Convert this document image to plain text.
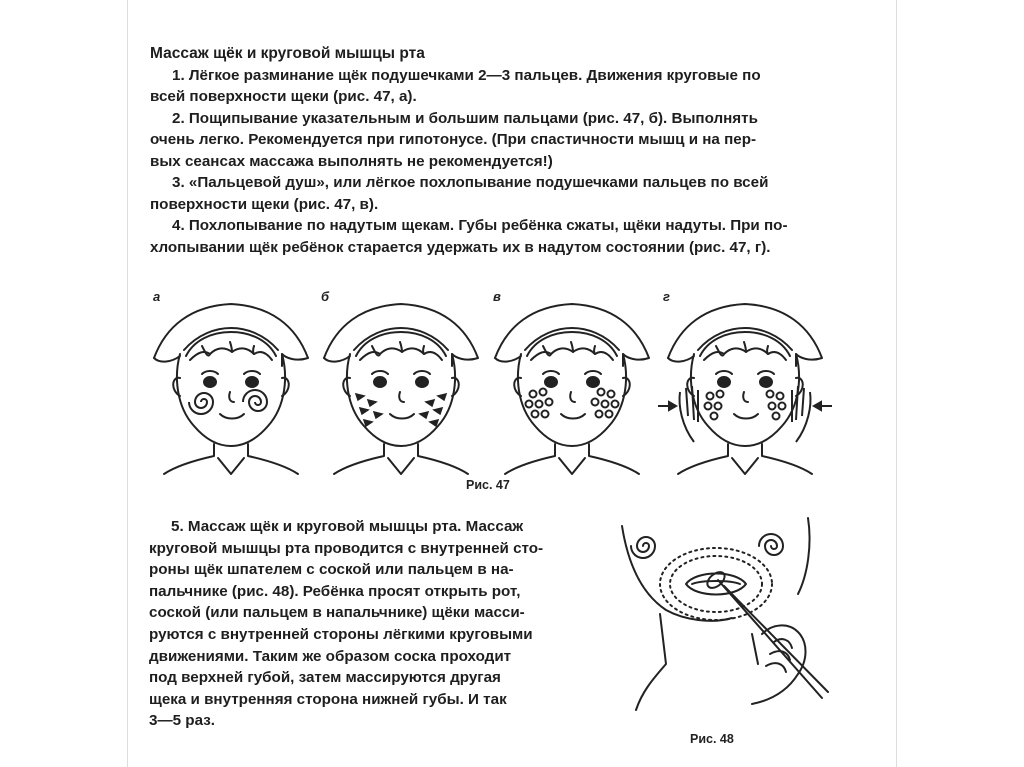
Массаж щёк и круговой мышцы рта
1. Лёгкое разминание щёк подушечками 2—3 пальцев. Движения круговые по
всей поверхности щеки (рис. 47, а).
2. Пощипывание указательным и большим пальцами (рис. 47, б). Выполнять
очень легко. Рекомендуется при гипотонусе. (При спастичности мышц и на пер-
вых сеансах массажа выполнять не рекомендуется!)
3. «Пальцевой душ», или лёгкое похлопывание подушечками пальцев по всей
поверхности щеки (рис. 47, в).
4. Похлопывание по надутым щекам. Губы ребёнка сжаты, щёки надуты. При по-
хлопывании щёк ребёнок старается удержать их в надутом состоянии (рис. 47, г).
а	б	в	г
Рис. 47
5. Массаж щёк и круговой мышцы рта. Массаж
круговой мышцы рта проводится с внутренней сто-
роны щёк шпателем с соской или пальцем в на-
пальчнике (рис. 48). Ребёнка просят открыть рот,
соской (или пальцем в напальчнике) щёки масси-
руются с внутренней стороны лёгкими круговыми
движениями. Таким же образом соска проходит
под верхней губой, затем массируются другая
щека и внутренняя сторона нижней губы. И так
3—5 раз.
Рис. 48
